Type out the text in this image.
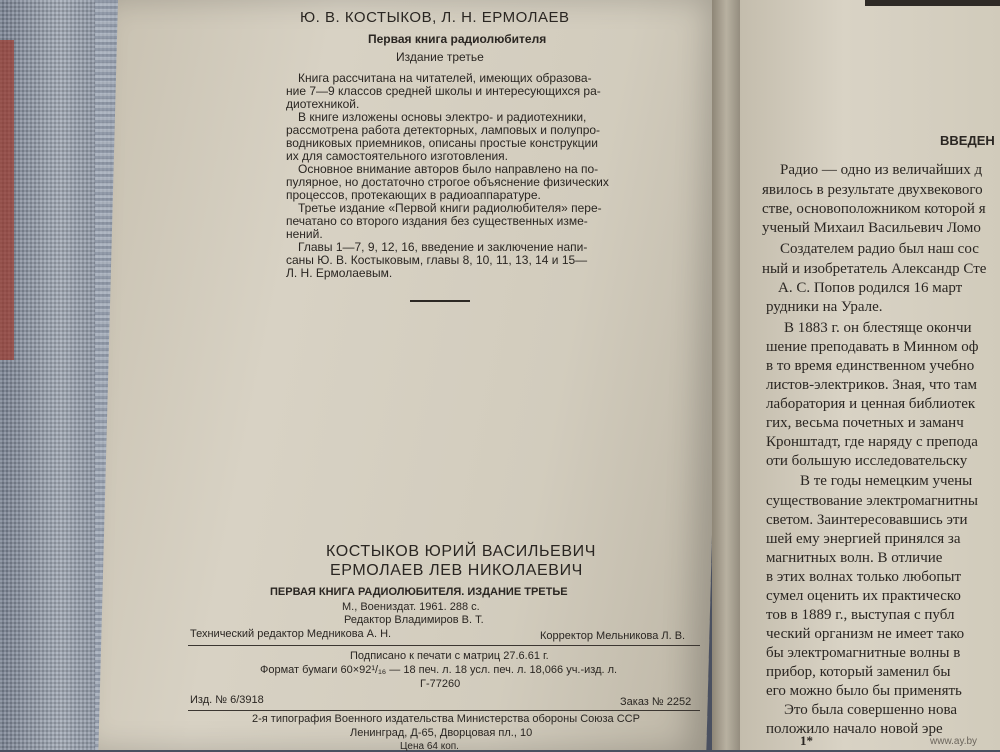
Ю. В. КОСТЫКОВ, Л. Н. ЕРМОЛАЕВ
Первая книга радиолюбителя
Издание третье
Книга рассчитана на читателей, имеющих образова-
ние 7—9 классов средней школы и интересующихся ра-
диотехникой.
В книге изложены основы электро- и радиотехники,
рассмотрена работа детекторных, ламповых и полупро-
водниковых приемников, описаны простые конструкции
их для самостоятельного изготовления.
Основное внимание авторов было направлено на по-
пулярное, но достаточно строгое объяснение физических
процессов, протекающих в радиоаппаратуре.
Третье издание «Первой книги радиолюбителя» пере-
печатано со второго издания без существенных изме-
нений.
Главы 1—7, 9, 12, 16, введение и заключение напи-
саны Ю. В. Костыковым, главы 8, 10, 11, 13, 14 и 15—
Л. Н. Ермолаевым.
КОСТЫКОВ ЮРИЙ ВАСИЛЬЕВИЧ
ЕРМОЛАЕВ ЛЕВ НИКОЛАЕВИЧ
ПЕРВАЯ КНИГА РАДИОЛЮБИТЕЛЯ. ИЗДАНИЕ ТРЕТЬЕ
М., Воениздат. 1961. 288 с.
Редактор Владимиров В. Т.
Технический редактор Медникова А. Н.	Корректор Мельникова Л. В.
Подписано к печати с матриц 27.6.61 г.
Формат бумаги 60×92¹/₁₆ — 18 печ. л. 18 усл. печ. л. 18,066 уч.-изд. л.
Г-77260
Изд. № 6/3918	Заказ № 2252
2-я типография Военного издательства Министерства обороны Союза ССР
Ленинград, Д-65, Дворцовая пл., 10
Цена 64 коп.
ВВЕДЕН
Радио — одно из величайших д
явилось в результате двухвекового
стве, основоположником которой я
ученый Михаил Васильевич Ломо
Создателем радио был наш сос
ный и изобретатель Александр Сте
А. С. Попов родился 16 март
рудники на Урале.
В 1883 г. он блестяще окончи
шение преподавать в Минном оф
в то время единственном учебно
листов-электриков. Зная, что там
лаборатория и ценная библиотек
гих, весьма почетных и заманч
Кронштадт, где наряду с препода
оти большую исследовательску
В те годы немецким учены
существование электромагнитны
светом. Заинтересовавшись эти
шей ему энергией принялся за
магнитных волн. В отличие
в этих волнах только любопыт
сумел оценить их практическо
тов в 1889 г., выступая с публ
ческий организм не имеет тако
бы электромагнитные волны в
прибор, который заменил бы
его можно было бы применять
Это была совершенно нова
положило начало новой эре
1*	www.ay.by
